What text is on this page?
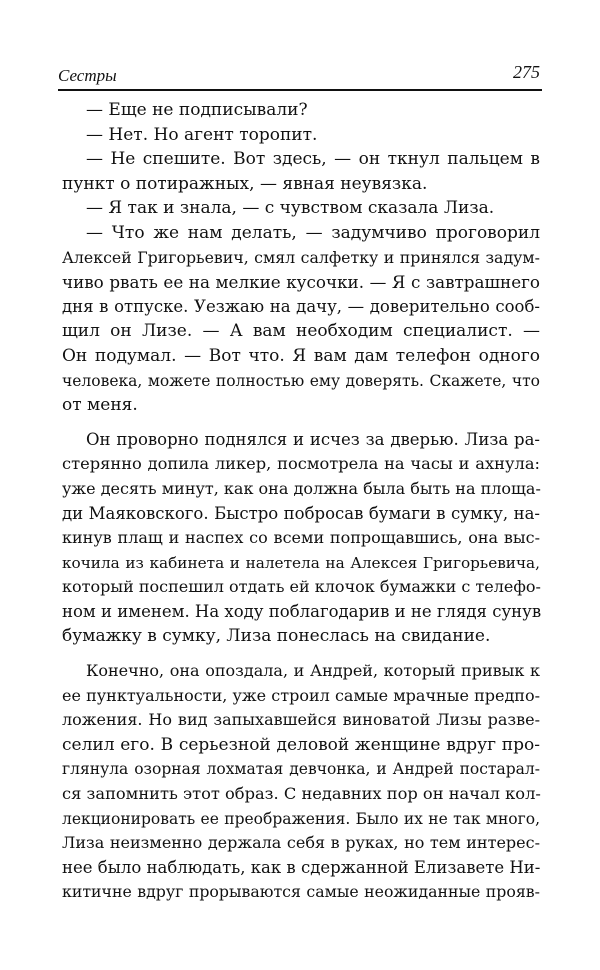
Сестры	275
— Еще не подписывали?
— Нет. Но агент торопит.
— Не спешите. Вот здесь, — он ткнул пальцем в
пункт о потиражных, — явная неувязка.
— Я так и знала, — с чувством сказала Лиза.
— Что же нам делать, — задумчиво проговорил
Алексей Григорьевич, смял салфетку и принялся задум-
чиво рвать ее на мелкие кусочки. — Я с завтрашнего
дня в отпуске. Уезжаю на дачу, — доверительно сооб-
щил он Лизе. — А вам необходим специалист. —
Он подумал. — Вот что. Я вам дам телефон одного
человека, можете полностью ему доверять. Скажете, что
от меня.
Он проворно поднялся и исчез за дверью. Лиза ра-
стерянно допила ликер, посмотрела на часы и ахнула:
уже десять минут, как она должна была быть на площа-
ди Маяковского. Быстро побросав бумаги в сумку, на-
кинув плащ и наспех со всеми попрощавшись, она выс-
кочила из кабинета и налетела на Алексея Григорьевича,
который поспешил отдать ей клочок бумажки с телефо-
ном и именем. На ходу поблагодарив и не глядя сунув
бумажку в сумку, Лиза понеслась на свидание.
Конечно, она опоздала, и Андрей, который привык к
ее пунктуальности, уже строил самые мрачные предпо-
ложения. Но вид запыхавшейся виноватой Лизы разве-
селил его. В серьезной деловой женщине вдруг про-
глянула озорная лохматая девчонка, и Андрей постарал-
ся запомнить этот образ. С недавних пор он начал кол-
лекционировать ее преображения. Было их не так много,
Лиза неизменно держала себя в руках, но тем интерес-
нее было наблюдать, как в сдержанной Елизавете Ни-
китичне вдруг прорываются самые неожиданные прояв-
